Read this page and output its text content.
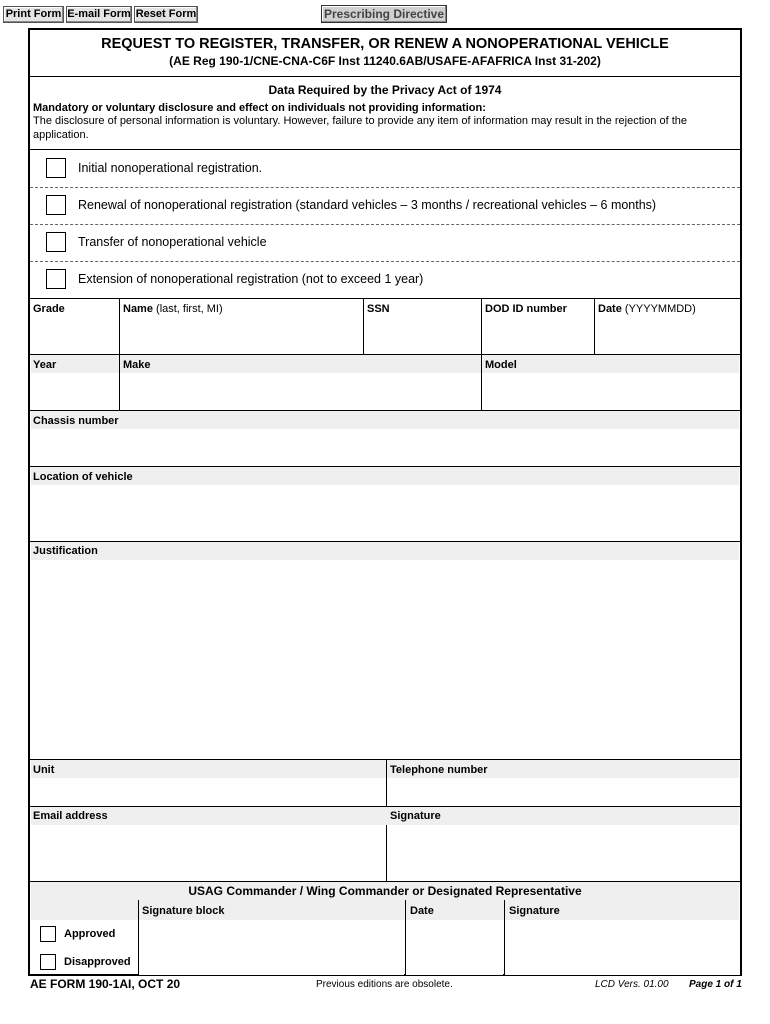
Print Form E-mail Form Reset Form	Prescribing Directive
REQUEST TO REGISTER, TRANSFER, OR RENEW A NONOPERATIONAL VEHICLE
(AE Reg 190-1/CNE-CNA-C6F Inst 11240.6AB/USAFE-AFAFRICA Inst 31-202)
Data Required by the Privacy Act of 1974
Mandatory or voluntary disclosure and effect on individuals not providing information:
The disclosure of personal information is voluntary. However, failure to provide any item of information may result in the rejection of the application.
Initial nonoperational registration.
Renewal of nonoperational registration (standard vehicles – 3 months / recreational vehicles – 6 months)
Transfer of nonoperational vehicle
Extension of nonoperational registration (not to exceed 1 year)
Grade	Name (last, first, MI)	SSN	DOD ID number	Date (YYYYMMDD)
Year	Make	Model
Chassis number
Location of vehicle
Justification
Unit	Telephone number
Email address	Signature
USAG Commander / Wing Commander or Designated Representative
Signature block	Date	Signature
Approved
Disapproved
AE FORM 190-1AI, OCT 20	Previous editions are obsolete.	LCD Vers. 01.00 Page 1 of 1
